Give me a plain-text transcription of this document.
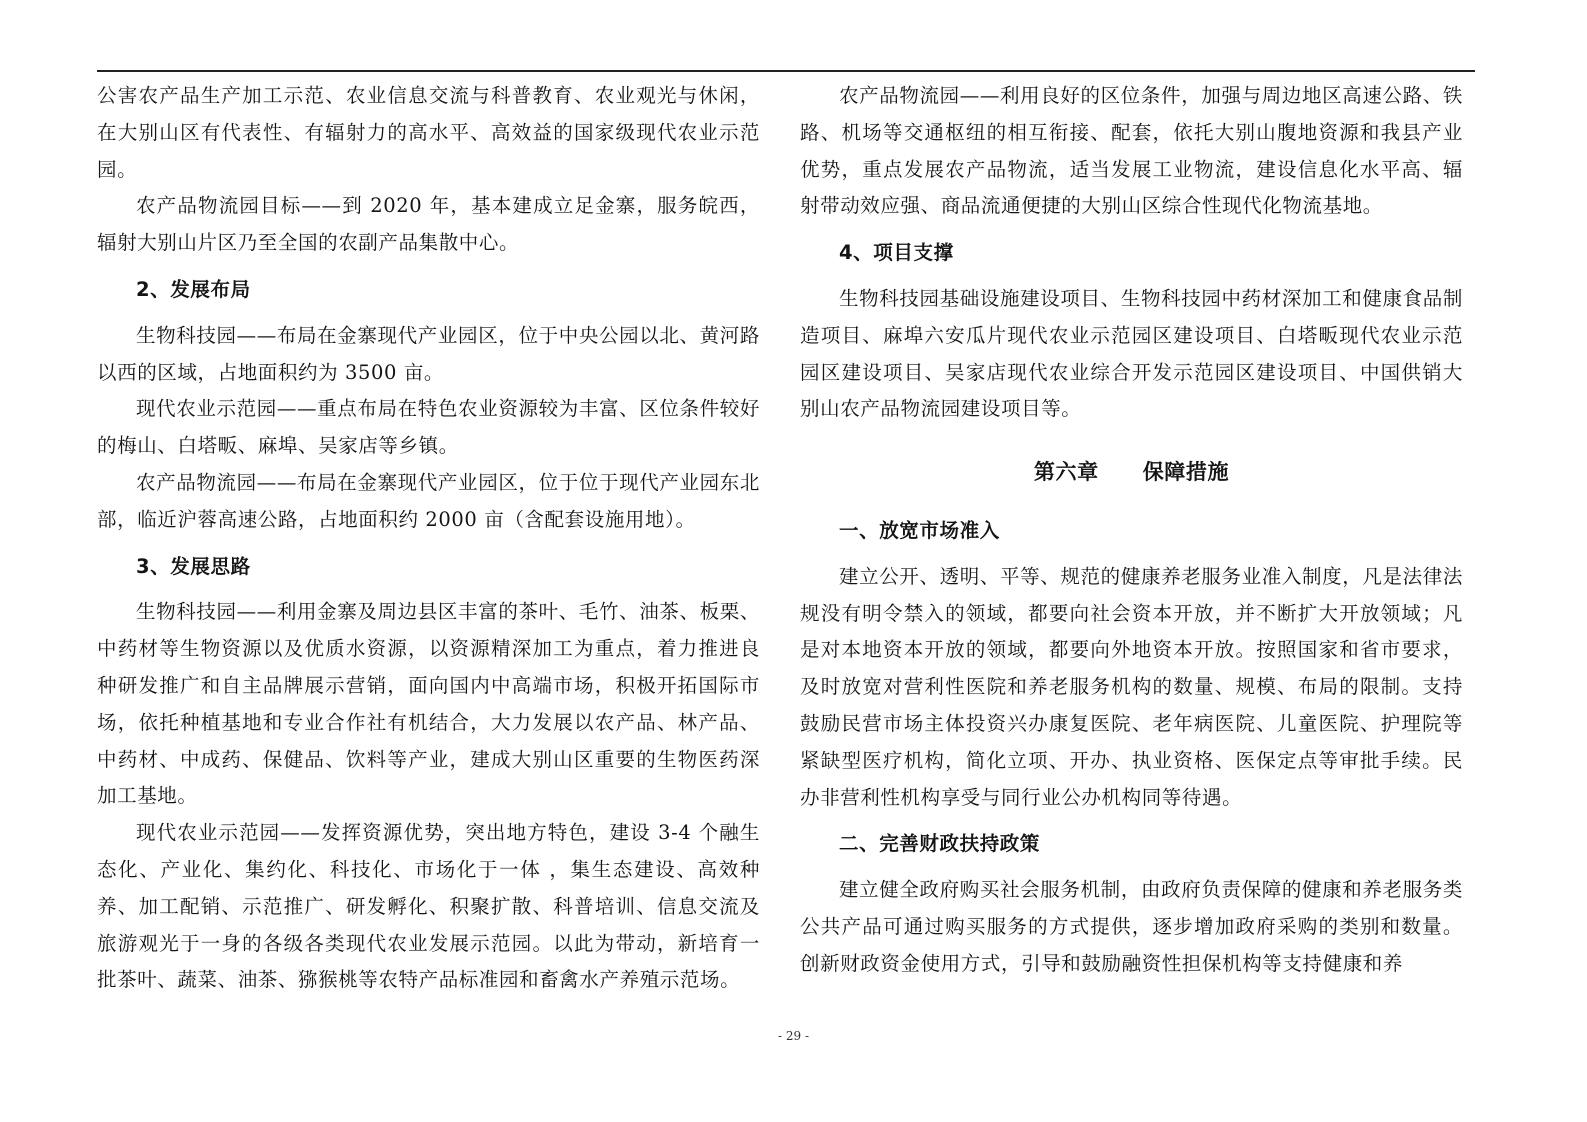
公害农产品生产加工示范、农业信息交流与科普教育、农业观光与休闲，在大别山区有代表性、有辐射力的高水平、高效益的国家级现代农业示范园。

农产品物流园目标——到 2020 年，基本建成立足金寨，服务皖西，辐射大别山片区乃至全国的农副产品集散中心。

2、发展布局

生物科技园——布局在金寨现代产业园区，位于中央公园以北、黄河路以西的区域，占地面积约为 3500 亩。

现代农业示范园——重点布局在特色农业资源较为丰富、区位条件较好的梅山、白塔畈、麻埠、吴家店等乡镇。

农产品物流园——布局在金寨现代产业园区，位于位于现代产业园东北部，临近沪蓉高速公路，占地面积约 2000 亩（含配套设施用地）。

3、发展思路

生物科技园——利用金寨及周边县区丰富的茶叶、毛竹、油茶、板栗、中药材等生物资源以及优质水资源，以资源精深加工为重点，着力推进良种研发推广和自主品牌展示营销，面向国内中高端市场，积极开拓国际市场，依托种植基地和专业合作社有机结合，大力发展以农产品、林产品、中药材、中成药、保健品、饮料等产业，建成大别山区重要的生物医药深加工基地。

现代农业示范园——发挥资源优势，突出地方特色，建设 3-4 个融生态化、产业化、集约化、科技化、市场化于一体 ，集生态建设、高效种养、加工配销、示范推广、研发孵化、积聚扩散、科普培训、信息交流及旅游观光于一身的各级各类现代农业发展示范园。以此为带动，新培育一批茶叶、蔬菜、油茶、猕猴桃等农特产品标准园和畜禽水产养殖示范场。

农产品物流园——利用良好的区位条件，加强与周边地区高速公路、铁路、机场等交通枢纽的相互衔接、配套，依托大别山腹地资源和我县产业优势，重点发展农产品物流，适当发展工业物流，建设信息化水平高、辐射带动效应强、商品流通便捷的大别山区综合性现代化物流基地。

4、项目支撑

生物科技园基础设施建设项目、生物科技园中药材深加工和健康食品制造项目、麻埠六安瓜片现代农业示范园区建设项目、白塔畈现代农业示范园区建设项目、吴家店现代农业综合开发示范园区建设项目、中国供销大别山农产品物流园建设项目等。

第六章 保障措施
一、放宽市场准入

建立公开、透明、平等、规范的健康养老服务业准入制度，凡是法律法规没有明令禁入的领域，都要向社会资本开放，并不断扩大开放领域；凡是对本地资本开放的领域，都要向外地资本开放。按照国家和省市要求，及时放宽对营利性医院和养老服务机构的数量、规模、布局的限制。支持鼓励民营市场主体投资兴办康复医院、老年病医院、儿童医院、护理院等紧缺型医疗机构，简化立项、开办、执业资格、医保定点等审批手续。民办非营利性机构享受与同行业公办机构同等待遇。

二、完善财政扶持政策

建立健全政府购买社会服务机制，由政府负责保障的健康和养老服务类公共产品可通过购买服务的方式提供，逐步增加政府采购的类别和数量。创新财政资金使用方式，引导和鼓励融资性担保机构等支持健康和养

- 29 -
